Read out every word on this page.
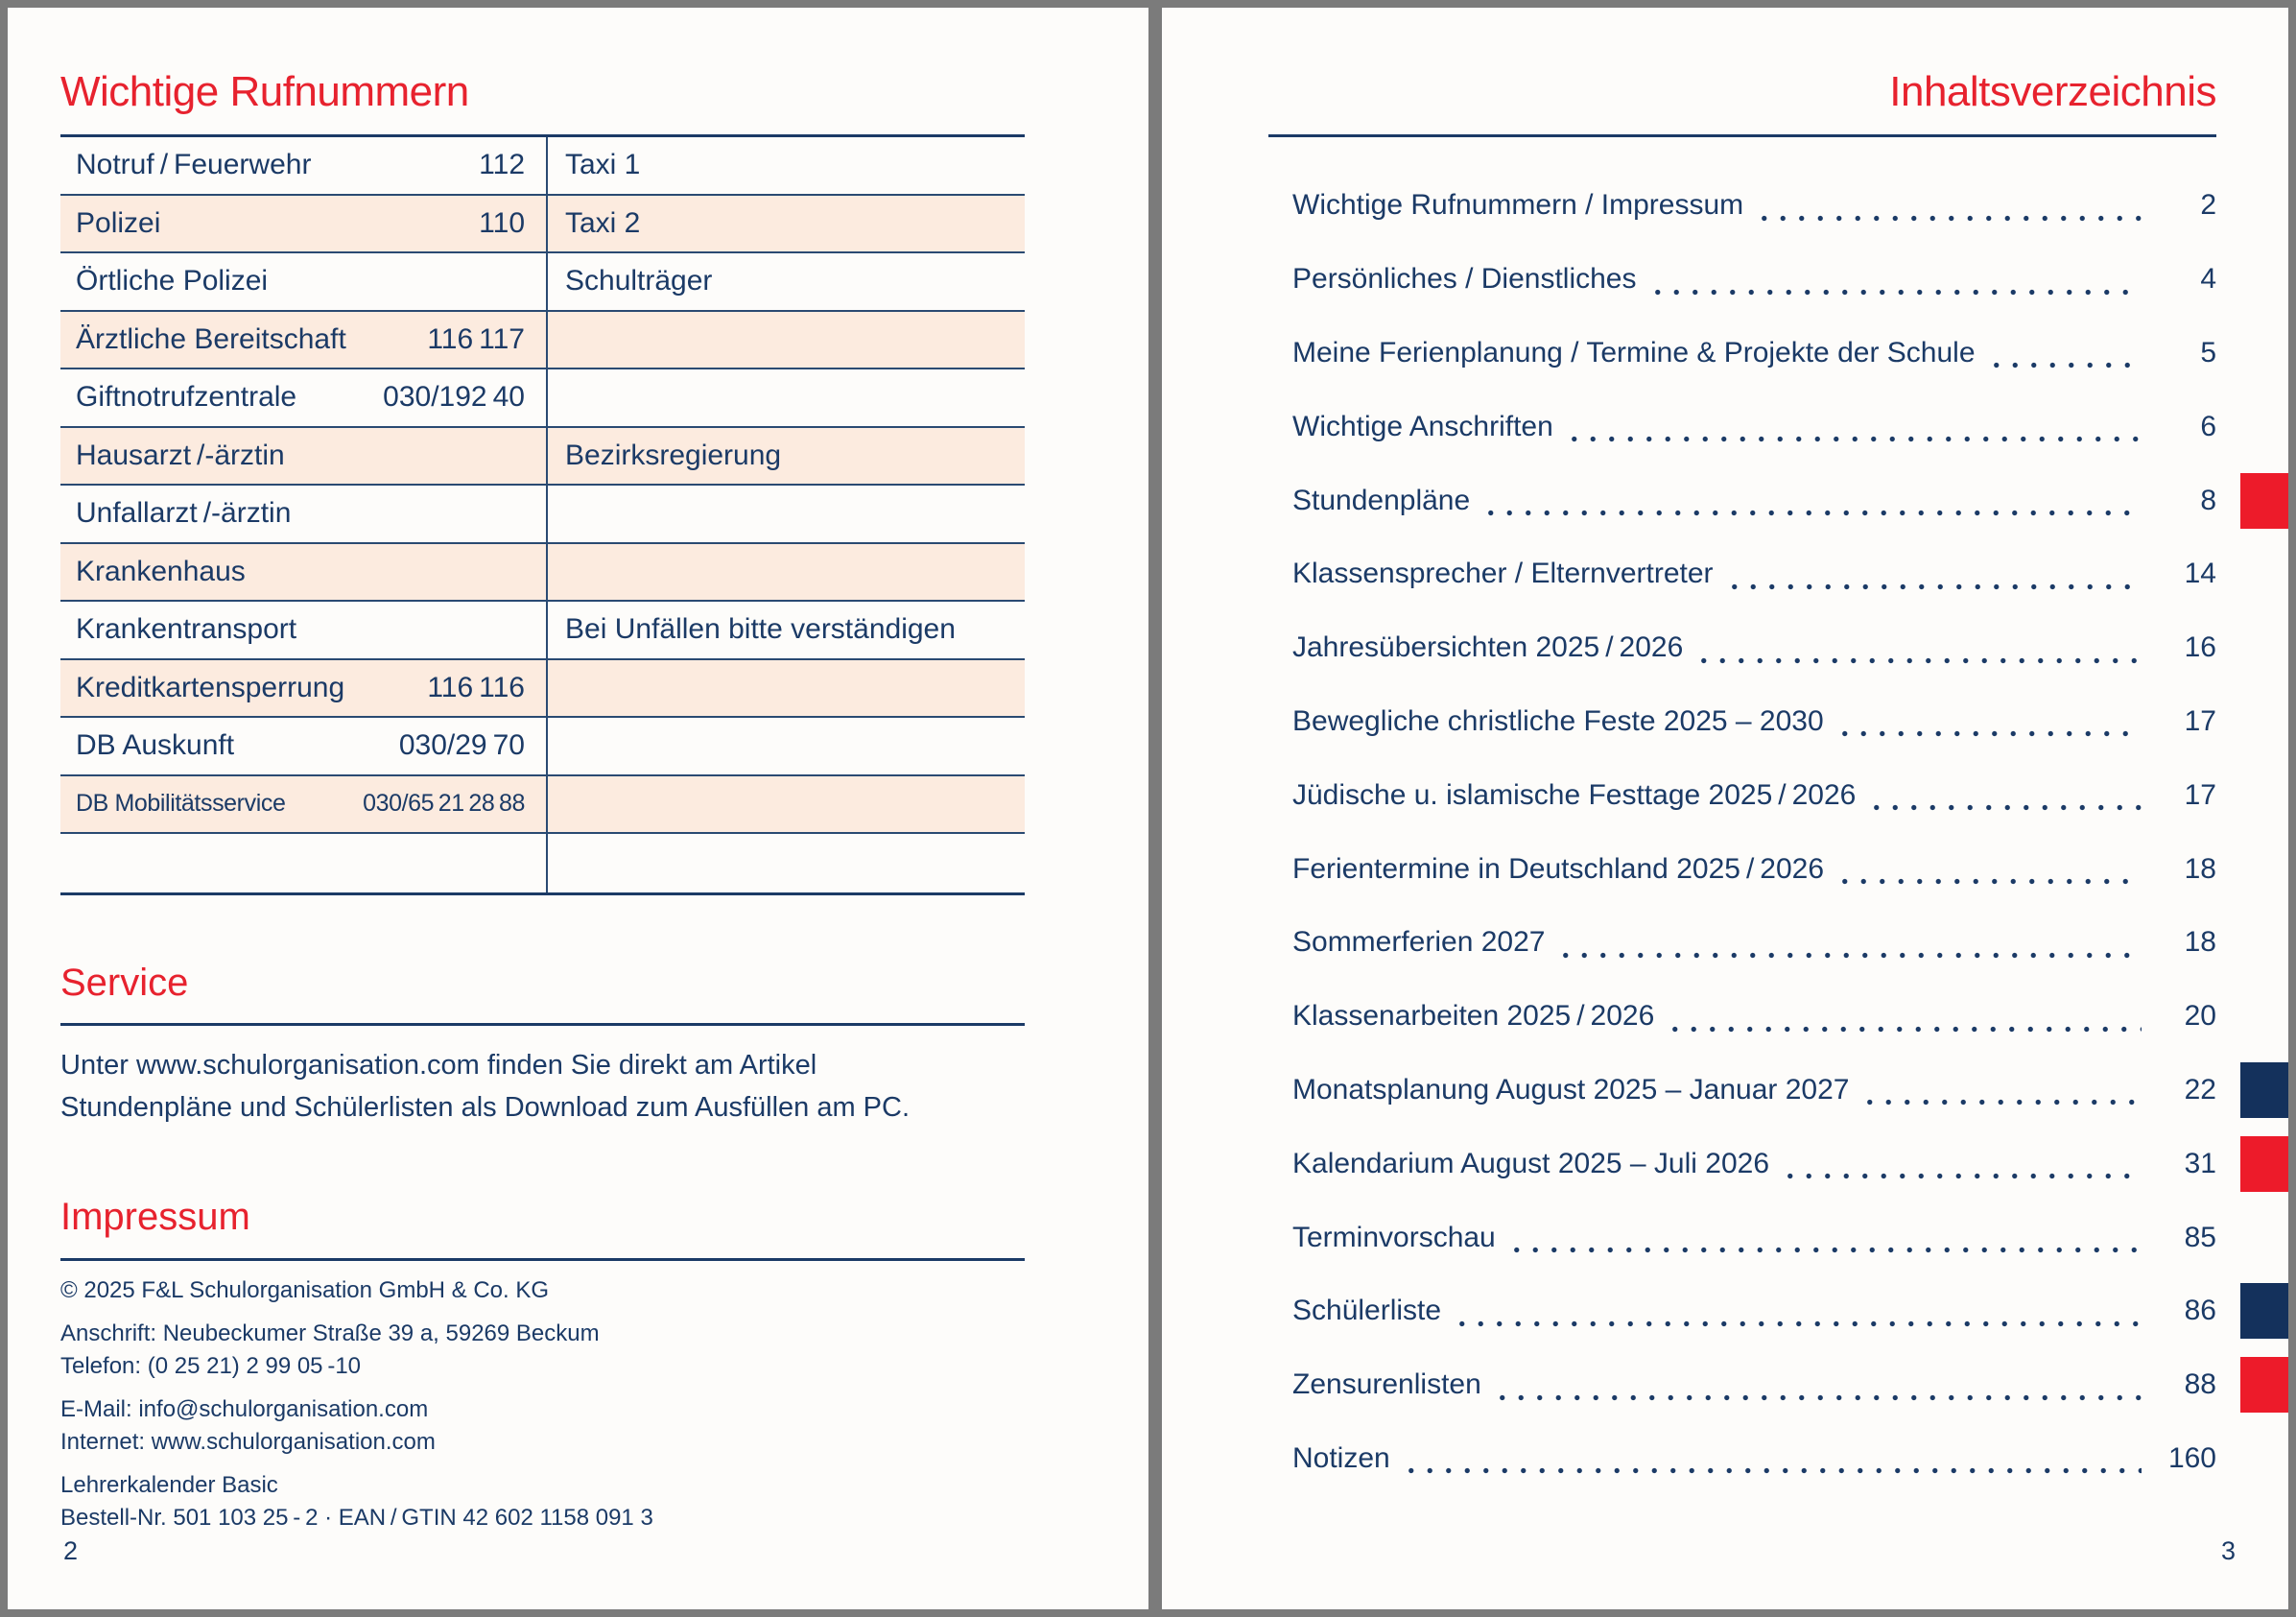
Wichtige Rufnummern
Notruf / Feuerwehr	112	Taxi 1
Polizei	110	Taxi 2
Örtliche Polizei	Schulträger
Ärztliche Bereitschaft	116 117
Giftnotrufzentrale	030/192 40
Hausarzt /-ärztin	Bezirksregierung
Unfallarzt /-ärztin
Krankenhaus
Krankentransport	Bei Unfällen bitte verständigen
Kreditkartensperrung	116 116
DB Auskunft	030/29 70
DB Mobilitätsservice	030/65 21 28 88
Service
Unter www.schulorganisation.com finden Sie direkt am Artikel
Stundenpläne und Schülerlisten als Download zum Ausfüllen am PC.
Impressum

© 2025 F&L Schulorganisation GmbH & Co. KG

Anschrift: Neubeckumer Straße 39 a, 59269 Beckum
Telefon: (0 25 21) 2 99 05 -10

E-Mail: info@schulorganisation.com
Internet: www.schulorganisation.com

Lehrerkalender Basic
Bestell-Nr. 501 103 25 - 2 · EAN / GTIN 42 602 1158 091 3

2
Inhaltsverzeichnis
Wichtige Rufnummern / Impressum	2
Persönliches / Dienstliches	4
Meine Ferienplanung / Termine & Projekte der Schule	5
Wichtige Anschriften	6
Stundenpläne	8
Klassensprecher / Elternvertreter	14
Jahresübersichten 2025 / 2026	16
Bewegliche christliche Feste 2025 – 2030	17
Jüdische u. islamische Festtage 2025 / 2026	17
Ferientermine in Deutschland 2025 / 2026	18
Sommerferien 2027	18
Klassenarbeiten 2025 / 2026	20
Monatsplanung August 2025 – Januar 2027	22
Kalendarium August 2025 – Juli 2026	31
Terminvorschau	85
Schülerliste	86
Zensurenlisten	88
Notizen	160
3
